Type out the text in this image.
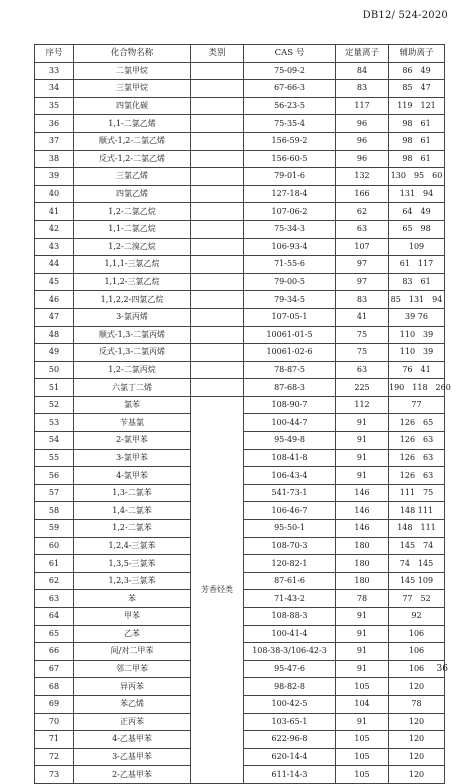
DB12/ 524-2020
序号	化合物名称	类别	CAS 号	定量离子	辅助离子
33	二氯甲烷		75-09-2	84	86　49
34	三氯甲烷		67-66-3	83	85　47
35	四氯化碳		56-23-5	117	119　121
36	1,1-二氯乙烯		75-35-4	96	98　61
37	顺式-1,2-二氯乙烯		156-59-2	96	98　61
38	反式-1,2-二氯乙烯		156-60-5	96	98　61
39	三氯乙烯		79-01-6	132	130　95　60
40	四氯乙烯		127-18-4	166	131　94
41	1,2-二氯乙烷		107-06-2	62	64　49
42	1,1-二氯乙烷		75-34-3	63	65　98
43	1,2-二溴乙烷		106-93-4	107	109
44	1,1,1-三氯乙烷		71-55-6	97	61　117
45	1,1,2-三氯乙烷		79-00-5	97	83　61
46	1,1,2,2-四氯乙烷		79-34-5	83	85　131　94
47	3-氯丙烯		107-05-1	41	39 76
48	顺式-1,3-二氯丙烯		10061-01-5	75	110　39
49	反式-1,3-二氯丙烯		10061-02-6	75	110　39
50	1,2-二氯丙烷		78-87-5	63	76　41
51	六氯丁二烯		87-68-3	225	190　118　260
52	氯苯	芳香烃类	108-90-7	112	77
53	苄基氯		100-44-7	91	126　65
54	2-氯甲苯		95-49-8	91	126　63
55	3-氯甲苯		108-41-8	91	126　63
56	4-氯甲苯		106-43-4	91	126　63
57	1,3-二氯苯		541-73-1	146	111　75
58	1,4-二氯苯		106-46-7	146	148 111
59	1,2-二氯苯		95-50-1	146	148　111
60	1,2,4-三氯苯		108-70-3	180	145　74
61	1,3,5-三氯苯		120-82-1	180	74　145
62	1,2,3-三氯苯		87-61-6	180	145 109
63	苯		71-43-2	78	77　52
64	甲苯		108-88-3	91	92
65	乙苯		100-41-4	91	106
66	间/对二甲苯		108-38-3/106-42-3	91	106
67	邻二甲苯		95-47-6	91	106
68	异丙苯		98-82-8	105	120
69	苯乙烯		100-42-5	104	78
70	正丙苯		103-65-1	91	120
71	4-乙基甲苯		622-96-8	105	120
72	3-乙基甲苯		620-14-4	105	120
73	2-乙基甲苯		611-14-3	105	120
36
